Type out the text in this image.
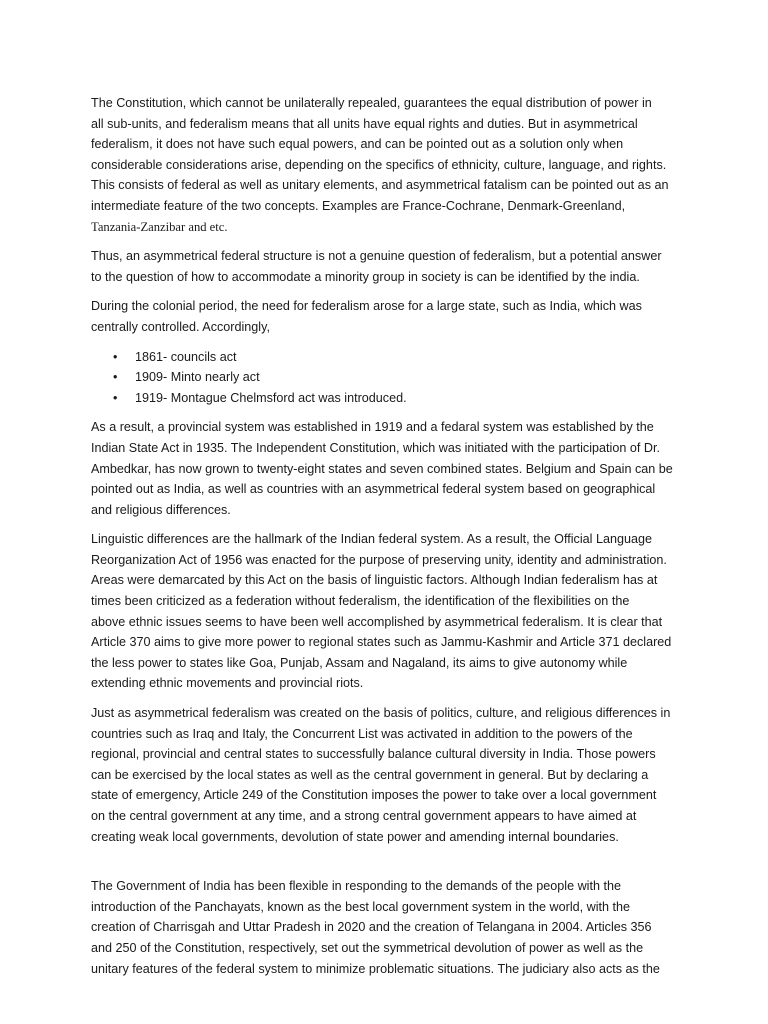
The Constitution, which cannot be unilaterally repealed, guarantees the equal distribution of power in
all sub-units, and federalism means that all units have equal rights and duties. But in asymmetrical
federalism, it does not have such equal powers, and can be pointed out as a solution only when
considerable considerations arise, depending on the specifics of ethnicity, culture, language, and rights.
This consists of federal as well as unitary elements, and asymmetrical fatalism can be pointed out as an
intermediate feature of the two concepts. Examples are France-Cochrane, Denmark-Greenland,
Tanzania-Zanzibar and etc.

Thus, an asymmetrical federal structure is not a genuine question of federalism, but a potential answer
to the question of how to accommodate a minority group in society is can be identified by the india.

During the colonial period, the need for federalism arose for a large state, such as India, which was
centrally controlled. Accordingly,

• 1861- councils act
• 1909- Minto nearly act
• 1919- Montague Chelmsford act was introduced.

As a result, a provincial system was established in 1919 and a fedaral system was established by the
Indian State Act in 1935. The Independent Constitution, which was initiated with the participation of Dr.
Ambedkar, has now grown to twenty-eight states and seven combined states. Belgium and Spain can be
pointed out as India, as well as countries with an asymmetrical federal system based on geographical
and religious differences.

Linguistic differences are the hallmark of the Indian federal system. As a result, the Official Language
Reorganization Act of 1956 was enacted for the purpose of preserving unity, identity and administration.
Areas were demarcated by this Act on the basis of linguistic factors. Although Indian federalism has at
times been criticized as a federation without federalism, the identification of the flexibilities on the
above ethnic issues seems to have been well accomplished by asymmetrical federalism. It is clear that
Article 370 aims to give more power to regional states such as Jammu-Kashmir and Article 371 declared
the less power to states like Goa, Punjab, Assam and Nagaland, its aims to give autonomy while
extending ethnic movements and provincial riots.

Just as asymmetrical federalism was created on the basis of politics, culture, and religious differences in
countries such as Iraq and Italy, the Concurrent List was activated in addition to the powers of the
regional, provincial and central states to successfully balance cultural diversity in India. Those powers
can be exercised by the local states as well as the central government in general. But by declaring a
state of emergency, Article 249 of the Constitution imposes the power to take over a local government
on the central government at any time, and a strong central government appears to have aimed at
creating weak local governments, devolution of state power and amending internal boundaries.

The Government of India has been flexible in responding to the demands of the people with the
introduction of the Panchayats, known as the best local government system in the world, with the
creation of Charrisgah and Uttar Pradesh in 2020 and the creation of Telangana in 2004. Articles 356
and 250 of the Constitution, respectively, set out the symmetrical devolution of power as well as the
unitary features of the federal system to minimize problematic situations. The judiciary also acts as the
